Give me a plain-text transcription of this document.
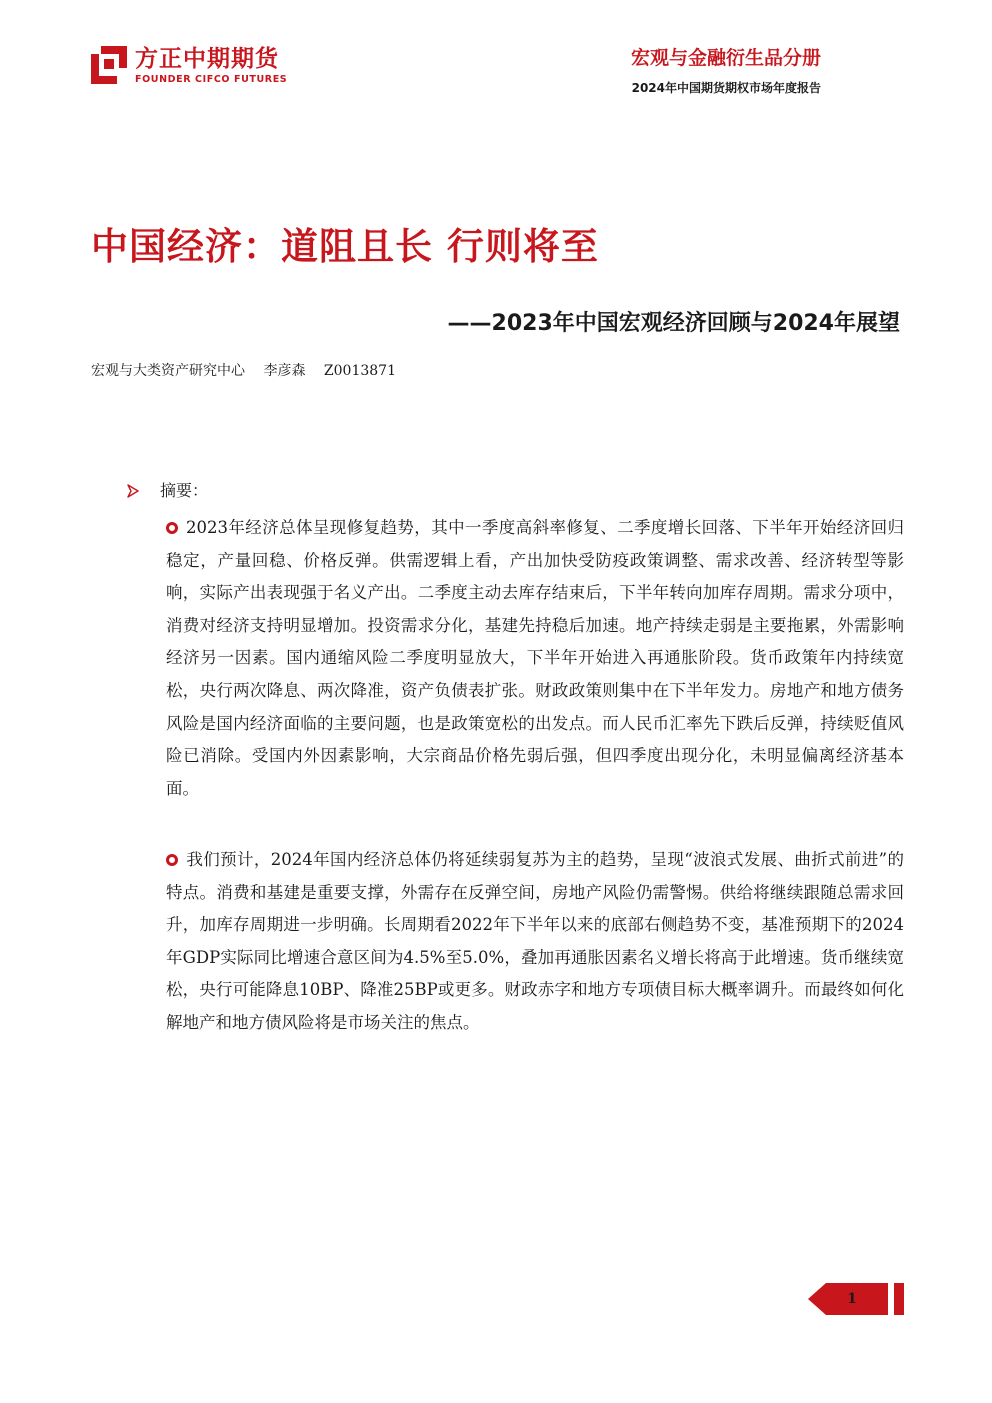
方正中期期货
FOUNDER CIFCO FUTURES
宏观与金融衍生品分册
2024年中国期货期权市场年度报告
中国经济：道阻且长 行则将至
——2023年中国宏观经济回顾与2024年展望
宏观与大类资产研究中心 李彦森 Z0013871
摘要：
2023年经济总体呈现修复趋势，其中一季度高斜率修复、二季度增长回落、下半年开始经济回归稳定，产量回稳、价格反弹。供需逻辑上看，产出加快受防疫政策调整、需求改善、经济转型等影响，实际产出表现强于名义产出。二季度主动去库存结束后，下半年转向加库存周期。需求分项中，消费对经济支持明显增加。投资需求分化，基建先持稳后加速。地产持续走弱是主要拖累，外需影响经济另一因素。国内通缩风险二季度明显放大，下半年开始进入再通胀阶段。货币政策年内持续宽松，央行两次降息、两次降准，资产负债表扩张。财政政策则集中在下半年发力。房地产和地方债务风险是国内经济面临的主要问题，也是政策宽松的出发点。而人民币汇率先下跌后反弹，持续贬值风险已消除。受国内外因素影响，大宗商品价格先弱后强，但四季度出现分化，未明显偏离经济基本面。
我们预计，2024年国内经济总体仍将延续弱复苏为主的趋势，呈现“波浪式发展、曲折式前进”的特点。消费和基建是重要支撑，外需存在反弹空间，房地产风险仍需警惕。供给将继续跟随总需求回升，加库存周期进一步明确。长周期看2022年下半年以来的底部右侧趋势不变，基准预期下的2024年GDP实际同比增速合意区间为4.5%至5.0%，叠加再通胀因素名义增长将高于此增速。货币继续宽松，央行可能降息10BP、降准25BP或更多。财政赤字和地方专项债目标大概率调升。而最终如何化解地产和地方债风险将是市场关注的焦点。
1
